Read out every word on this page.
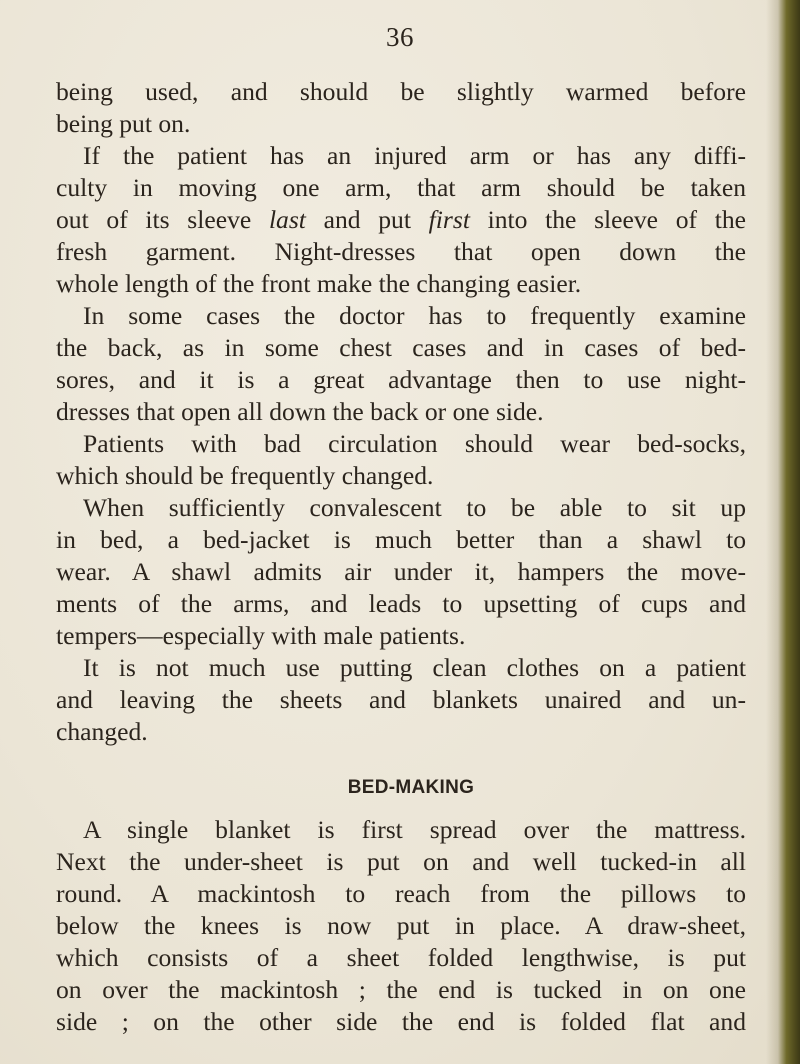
36
being used, and should be slightly warmed before
being put on.
If the patient has an injured arm or has any diffi-
culty in moving one arm, that arm should be taken
out of its sleeve last and put first into the sleeve of the
fresh garment. Night-dresses that open down the
whole length of the front make the changing easier.
In some cases the doctor has to frequently examine
the back, as in some chest cases and in cases of bed-
sores, and it is a great advantage then to use night-
dresses that open all down the back or one side.
Patients with bad circulation should wear bed-socks,
which should be frequently changed.
When sufficiently convalescent to be able to sit up
in bed, a bed-jacket is much better than a shawl to
wear. A shawl admits air under it, hampers the move-
ments of the arms, and leads to upsetting of cups and
tempers—especially with male patients.
It is not much use putting clean clothes on a patient
and leaving the sheets and blankets unaired and un-
changed.
BED-MAKING
A single blanket is first spread over the mattress.
Next the under-sheet is put on and well tucked-in all
round. A mackintosh to reach from the pillows to
below the knees is now put in place. A draw-sheet,
which consists of a sheet folded lengthwise, is put
on over the mackintosh ; the end is tucked in on one
side ; on the other side the end is folded flat and
